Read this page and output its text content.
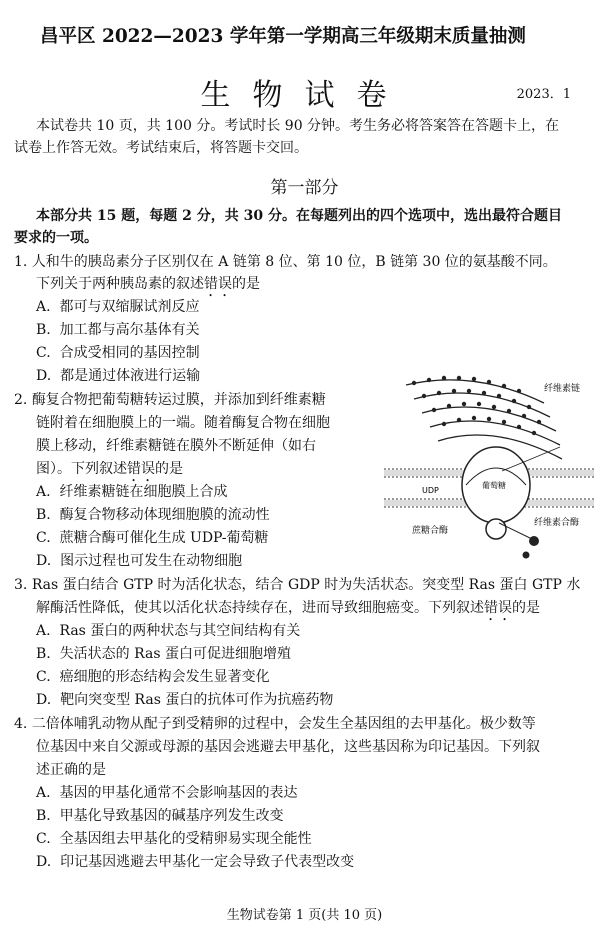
昌平区 2022—2023 学年第一学期高三年级期末质量抽测
生物试卷	2023．1
本试卷共 10 页，共 100 分。考试时长 90 分钟。考生务必将答案答在答题卡上，在
试卷上作答无效。考试结束后，将答题卡交回。
第一部分
本部分共 15 题，每题 2 分，共 30 分。在每题列出的四个选项中，选出最符合题目
要求的一项。
1. 人和牛的胰岛素分子区别仅在 A 链第 8 位、第 10 位，B 链第 30 位的氨基酸不同。
下列关于两种胰岛素的叙述错误的是
A. 都可与双缩脲试剂反应
B. 加工都与高尔基体有关
C. 合成受相同的基因控制
D. 都是通过体液进行运输
2. 酶复合物把葡萄糖转运过膜，并添加到纤维素糖
链附着在细胞膜上的一端。随着酶复合物在细胞
膜上移动，纤维素糖链在膜外不断延伸（如右
图）。下列叙述错误的是
A. 纤维素糖链在细胞膜上合成
B. 酶复合物移动体现细胞膜的流动性
C. 蔗糖合酶可催化生成 UDP-葡萄糖
D. 图示过程也可发生在动物细胞
纤维素链
蔗糖合酶
纤维素合酶
UDP
葡萄糖
3. Ras 蛋白结合 GTP 时为活化状态，结合 GDP 时为失活状态。突变型 Ras 蛋白 GTP 水
解酶活性降低，使其以活化状态持续存在，进而导致细胞癌变。下列叙述错误的是
A. Ras 蛋白的两种状态与其空间结构有关
B. 失活状态的 Ras 蛋白可促进细胞增殖
C. 癌细胞的形态结构会发生显著变化
D. 靶向突变型 Ras 蛋白的抗体可作为抗癌药物
4. 二倍体哺乳动物从配子到受精卵的过程中，会发生全基因组的去甲基化。极少数等
位基因中来自父源或母源的基因会逃避去甲基化，这些基因称为印记基因。下列叙
述正确的是
A. 基因的甲基化通常不会影响基因的表达
B. 甲基化导致基因的碱基序列发生改变
C. 全基因组去甲基化的受精卵易实现全能性
D. 印记基因逃避去甲基化一定会导致子代表型改变
生物试卷第 1 页(共 10 页)
